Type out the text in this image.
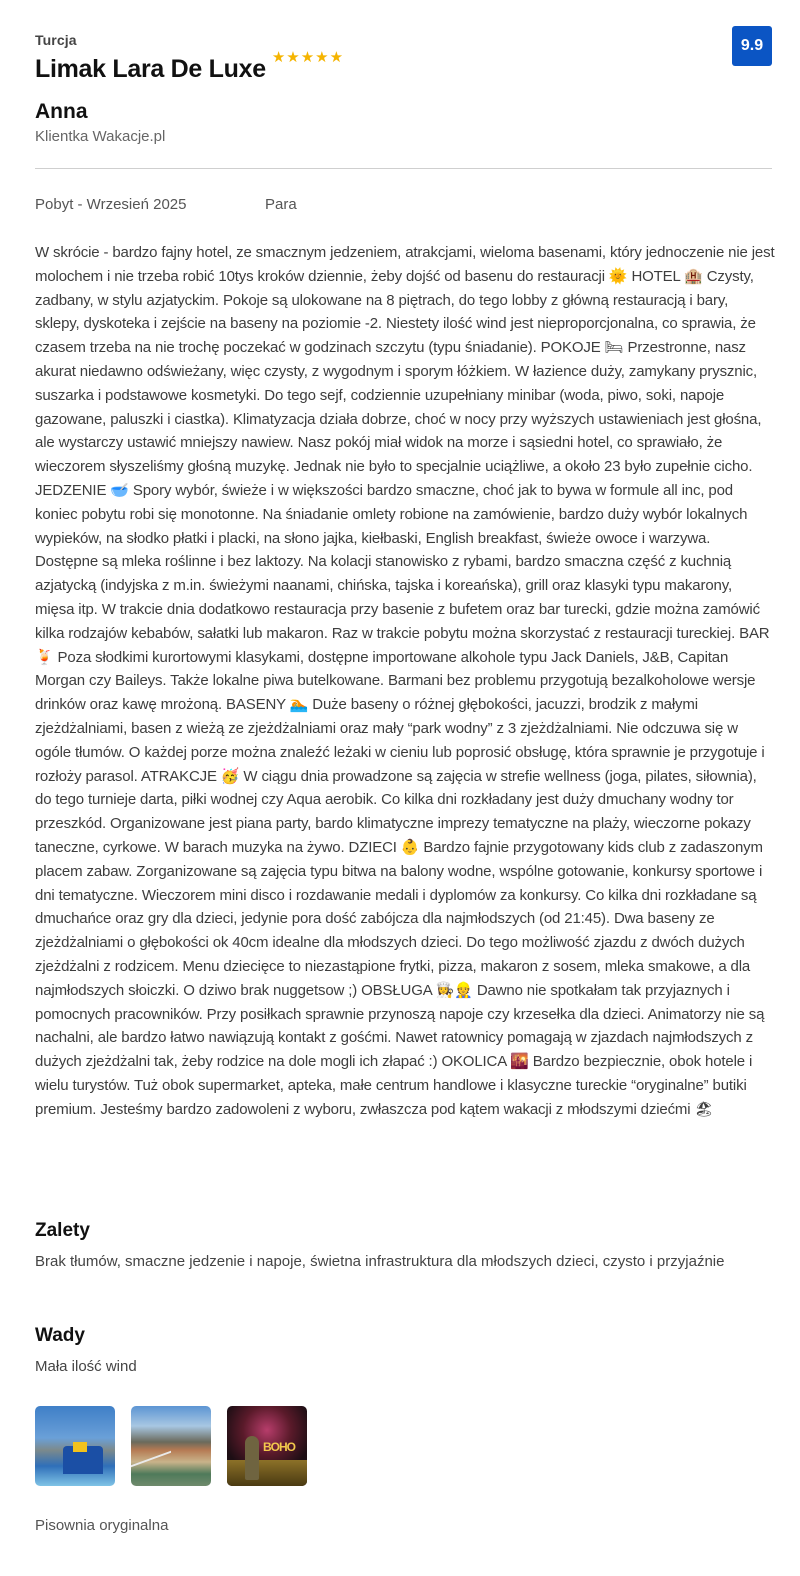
Turcja
Limak Lara De Luxe ★ ★ ★ ★ ★
9.9
Anna
Klientka Wakacje.pl
Pobyt - Wrzesień 2025	Para
W skrócie - bardzo fajny hotel, ze smacznym jedzeniem, atrakcjami, wieloma basenami, który jednoczenie nie jest molochem i nie trzeba robić 10tys kroków dziennie, żeby dojść od basenu do restauracji 🌞 HOTEL 🏨 Czysty, zadbany, w stylu azjatyckim. Pokoje są ulokowane na 8 piętrach, do tego lobby z główną restauracją i bary, sklepy, dyskoteka i zejście na baseny na poziomie -2. Niestety ilość wind jest nieproporcjonalna, co sprawia, że czasem trzeba na nie trochę poczekać w godzinach szczytu (typu śniadanie). POKOJE 🛏 Przestronne, nasz akurat niedawno odświeżany, więc czysty, z wygodnym i sporym łóżkiem. W łazience duży, zamykany prysznic, suszarka i podstawowe kosmetyki. Do tego sejf, codziennie uzupełniany minibar (woda, piwo, soki, napoje gazowane, paluszki i ciastka). Klimatyzacja działa dobrze, choć w nocy przy wyższych ustawieniach jest głośna, ale wystarczy ustawić mniejszy nawiew. Nasz pokój miał widok na morze i sąsiedni hotel, co sprawiało, że wieczorem słyszeliśmy głośną muzykę. Jednak nie było to specjalnie uciążliwe, a około 23 było zupełnie cicho. JEDZENIE 🥣 Spory wybór, świeże i w większości bardzo smaczne, choć jak to bywa w formule all inc, pod koniec pobytu robi się monotonne. Na śniadanie omlety robione na zamówienie, bardzo duży wybór lokalnych wypieków, na słodko płatki i placki, na słono jajka, kiełbaski, English breakfast, świeże owoce i warzywa. Dostępne są mleka roślinne i bez laktozy. Na kolacji stanowisko z rybami, bardzo smaczna część z kuchnią azjatycką (indyjska z m.in. świeżymi naanami, chińska, tajska i koreańska), grill oraz klasyki typu makarony, mięsa itp. W trakcie dnia dodatkowo restauracja przy basenie z bufetem oraz bar turecki, gdzie można zamówić kilka rodzajów kebabów, sałatki lub makaron. Raz w trakcie pobytu można skorzystać z restauracji tureckiej. BAR 🍹 Poza słodkimi kurortowymi klasykami, dostępne importowane alkohole typu Jack Daniels, J&B, Capitan Morgan czy Baileys. Także lokalne piwa butelkowane. Barmani bez problemu przygotują bezalkoholowe wersje drinków oraz kawę mrożoną. BASENY 🏊 Duże baseny o różnej głębokości, jacuzzi, brodzik z małymi zjeżdżalniami, basen z wieżą ze zjeżdżalniami oraz mały “park wodny” z 3 zjeżdżalniami. Nie odczuwa się w ogóle tłumów. O każdej porze można znaleźć leżaki w cieniu lub poprosić obsługę, która sprawnie je przygotuje i rozłoży parasol. ATRAKCJE 🥳 W ciągu dnia prowadzone są zajęcia w strefie wellness (joga, pilates, siłownia), do tego turnieje darta, piłki wodnej czy Aqua aerobik. Co kilka dni rozkładany jest duży dmuchany wodny tor przeszkód. Organizowane jest piana party, bardo klimatyczne imprezy tematyczne na plaży, wieczorne pokazy taneczne, cyrkowe. W barach muzyka na żywo. DZIECI 👶 Bardzo fajnie przygotowany kids club z zadaszonym placem zabaw. Zorganizowane są zajęcia typu bitwa na balony wodne, wspólne gotowanie, konkursy sportowe i dni tematyczne. Wieczorem mini disco i rozdawanie medali i dyplomów za konkursy. Co kilka dni rozkładane są dmuchańce oraz gry dla dzieci, jedynie pora dość zabójcza dla najmłodszych (od 21:45). Dwa baseny ze zjeżdżalniami o głębokości ok 40cm idealne dla młodszych dzieci. Do tego możliwość zjazdu z dwóch dużych zjeżdżalni z rodzicem. Menu dziecięce to niezastąpione frytki, pizza, makaron z sosem, mleka smakowe, a dla najmłodszych słoiczki. O dziwo brak nuggetsow ;) OBSŁUGA 👩‍🍳👷 Dawno nie spotkałam tak przyjaznych i pomocnych pracowników. Przy posiłkach sprawnie przynoszą napoje czy krzesełka dla dzieci. Animatorzy nie są nachalni, ale bardzo łatwo nawiązują kontakt z gośćmi. Nawet ratownicy pomagają w zjazdach najmłodszych z dużych zjeżdżalni tak, żeby rodzice na dole mogli ich złapać :) OKOLICA 🌇 Bardzo bezpiecznie, obok hotele i wielu turystów. Tuż obok supermarket, apteka, małe centrum handlowe i klasyczne tureckie “oryginalne” butiki premium. Jesteśmy bardzo zadowoleni z wyboru, zwłaszcza pod kątem wakacji z młodszymi dziećmi 🏖
Zalety
Brak tłumów, smaczne jedzenie i napoje, świetna infrastruktura dla młodszych dzieci, czysto i przyjaźnie
Wady
Mała ilość wind
BOHO
Pisownia oryginalna
